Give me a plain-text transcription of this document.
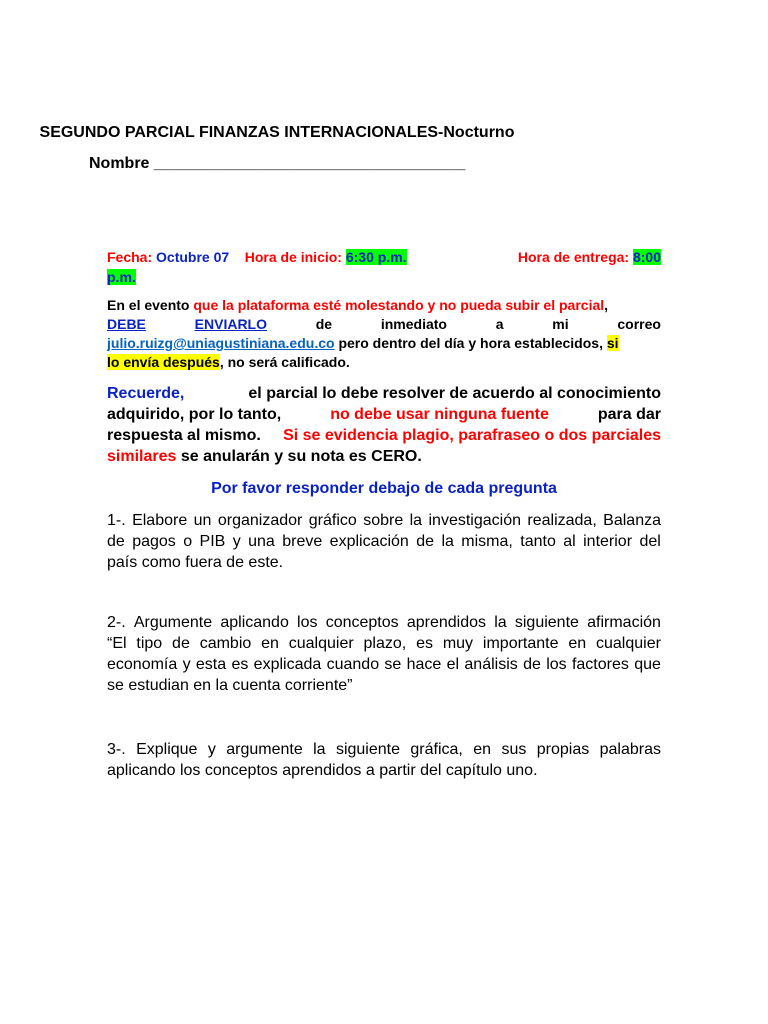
SEGUNDO PARCIAL FINANZAS INTERNACIONALES-Nocturno
Nombre ___________________________________
Fecha: Octubre 07 Hora de inicio: 6:30 p.m.	Hora de entrega: 8:00
p.m.
En el evento que la plataforma esté molestando y no pueda subir el parcial,
DEBE	ENVIARLO	de	inmediato	a	mi	correo
julio.ruizg@uniagustiniana.edu.co pero dentro del día y hora establecidos, si
lo envía después, no será calificado.
Recuerde,	el parcial lo debe resolver de acuerdo al conocimiento
adquirido, por lo tanto,	no debe usar ninguna fuente	para dar
respuesta al mismo. Si se evidencia plagio, parafraseo o dos parciales
similares se anularán y su nota es CERO.
Por favor responder debajo de cada pregunta
1-. Elabore un organizador gráfico sobre la investigación realizada, Balanza
de pagos o PIB y una breve explicación de la misma, tanto al interior del
país como fuera de este.
2-. Argumente aplicando los conceptos aprendidos la siguiente afirmación
“El tipo de cambio en cualquier plazo, es muy importante en cualquier
economía y esta es explicada cuando se hace el análisis de los factores que
se estudian en la cuenta corriente”
3-. Explique y argumente la siguiente gráfica, en sus propias palabras
aplicando los conceptos aprendidos a partir del capítulo uno.
